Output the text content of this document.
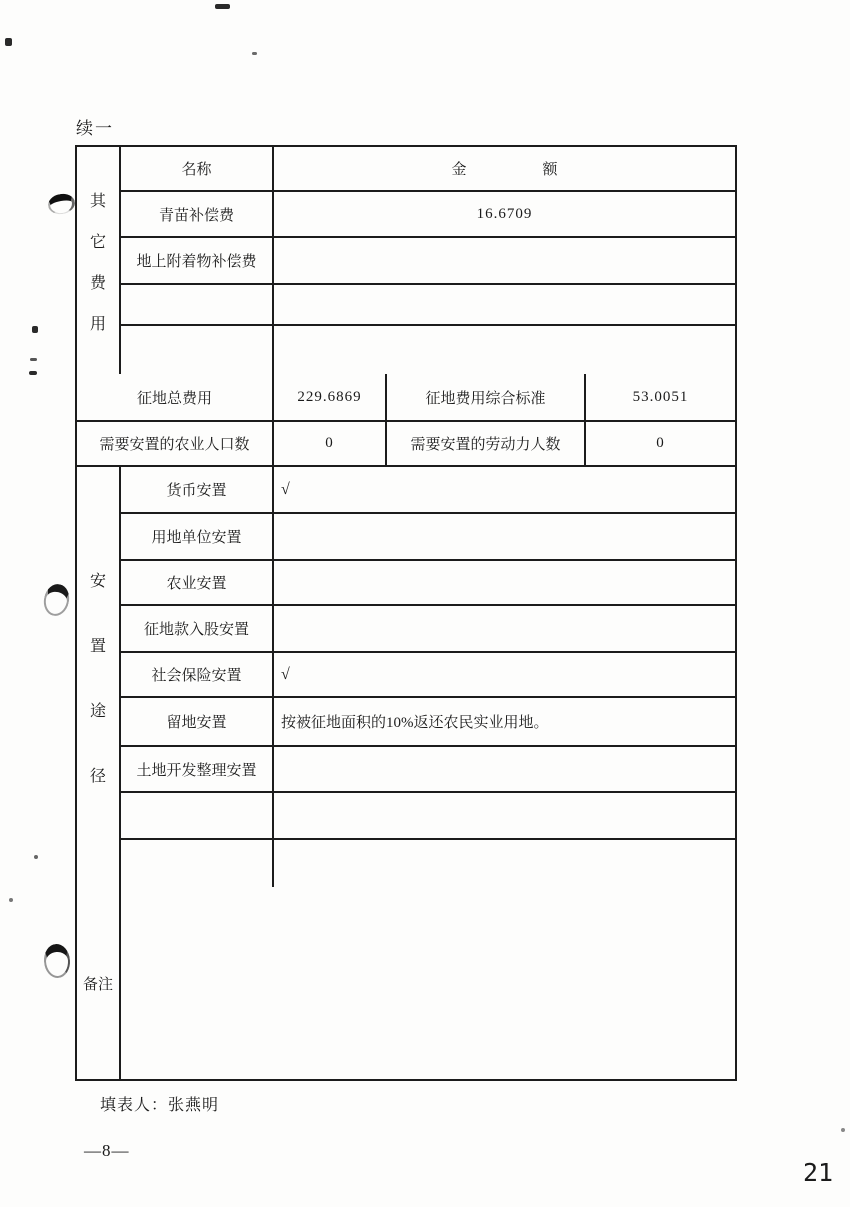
续一
其
它
费
用
名称	金	额
青苗补偿费	16.6709
地上附着物补偿费
征地总费用	229.6869	征地费用综合标准	53.0051
需要安置的农业人口数	0	需要安置的劳动力人数	0
安
置
途
径
货币安置	√
用地单位安置
农业安置
征地款入股安置
社会保险安置	√
留地安置	按被征地面积的10%返还农民实业用地。
土地开发整理安置
备注
填表人：张燕明
—8—
21
